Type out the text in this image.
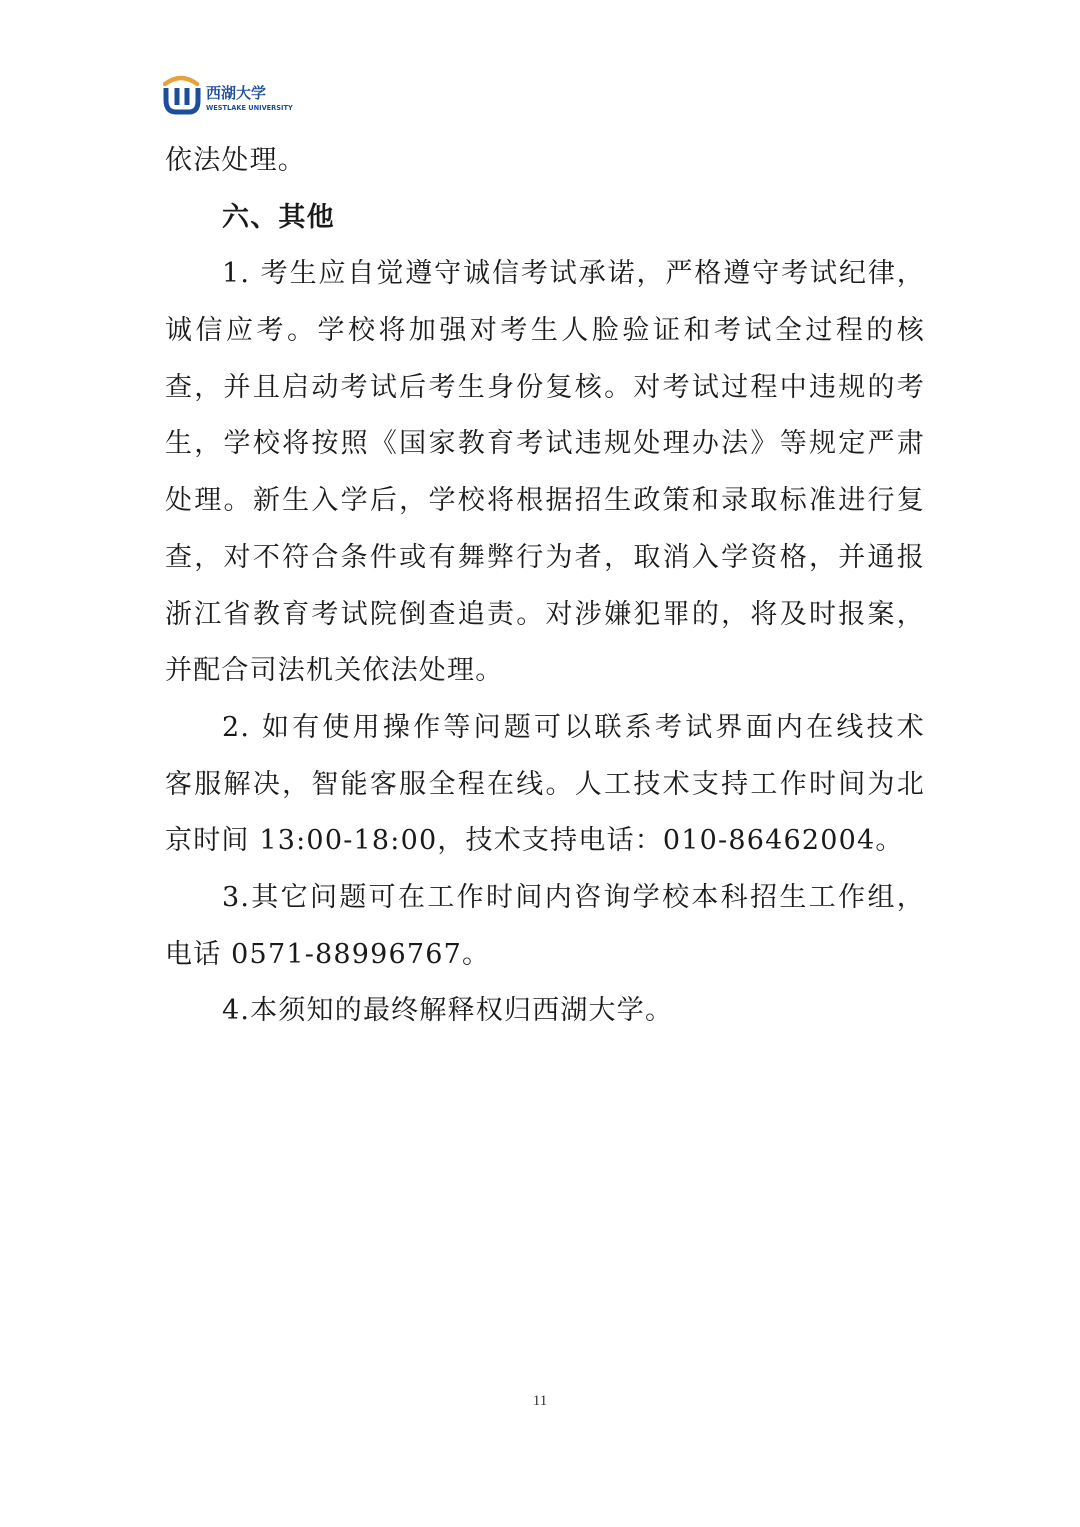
西湖大学
WESTLAKE UNIVERSITY
依法处理。
六、其他
1. 考生应自觉遵守诚信考试承诺，严格遵守考试纪律，
诚信应考。学校将加强对考生人脸验证和考试全过程的核
查，并且启动考试后考生身份复核。对考试过程中违规的考
生，学校将按照《国家教育考试违规处理办法》等规定严肃
处理。新生入学后，学校将根据招生政策和录取标准进行复
查，对不符合条件或有舞弊行为者，取消入学资格，并通报
浙江省教育考试院倒查追责。对涉嫌犯罪的，将及时报案，
并配合司法机关依法处理。
2. 如有使用操作等问题可以联系考试界面内在线技术
客服解决，智能客服全程在线。人工技术支持工作时间为北
京时间 13:00-18:00，技术支持电话：010-86462004。
3.其它问题可在工作时间内咨询学校本科招生工作组，
电话 0571-88996767。
4.本须知的最终解释权归西湖大学。
11
